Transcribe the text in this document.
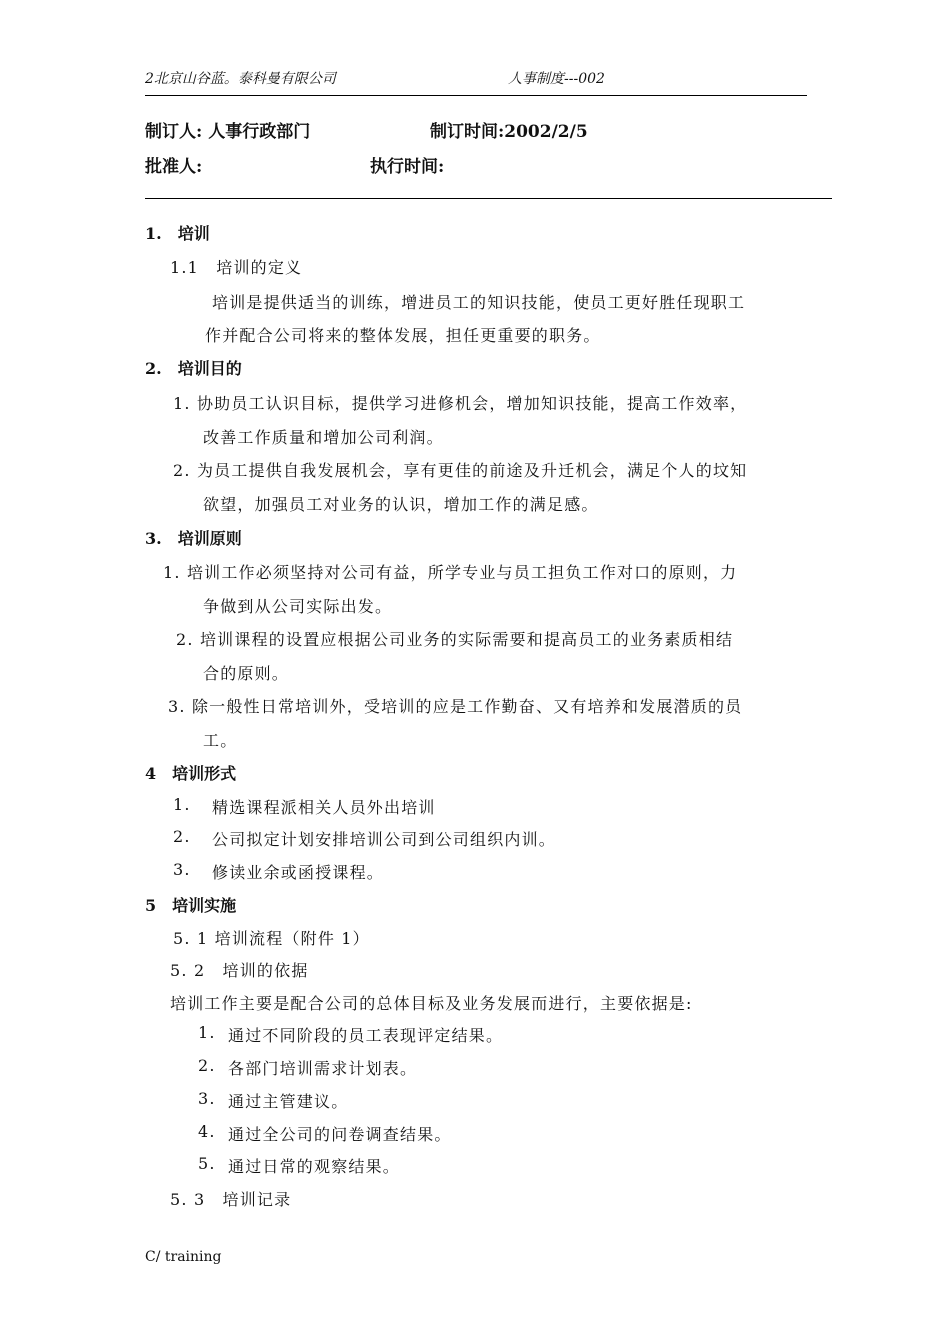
2北京山谷蓝。泰科曼有限公司	人事制度---002
制订人: 人事行政部门	制订时间:2002/2/5
批准人:	执行时间:
1.　培训
1.1　培训的定义
培训是提供适当的训练，增进员工的知识技能，使员工更好胜任现职工
作并配合公司将来的整体发展，担任更重要的职务。
2.　培训目的
1. 协助员工认识目标，提供学习进修机会，增加知识技能，提高工作效率，
改善工作质量和增加公司利润。
2. 为员工提供自我发展机会，享有更佳的前途及升迁机会，满足个人的坟知
欲望，加强员工对业务的认识，增加工作的满足感。
3.　培训原则
1. 培训工作必须坚持对公司有益，所学专业与员工担负工作对口的原则，力
争做到从公司实际出发。
2. 培训课程的设置应根据公司业务的实际需要和提高员工的业务素质相结
合的原则。
3. 除一般性日常培训外，受培训的应是工作勤奋、又有培养和发展潜质的员
工。
4　培训形式
1. 精选课程派相关人员外出培训
2. 公司拟定计划安排培训公司到公司组织内训。
3. 修读业余或函授课程。
5　培训实施
5. 1 培训流程（附件 1）
5. 2　培训的依据
培训工作主要是配合公司的总体目标及业务发展而进行，主要依据是:
1. 通过不同阶段的员工表现评定结果。
2. 各部门培训需求计划表。
3. 通过主管建议。
4. 通过全公司的问卷调查结果。
5. 通过日常的观察结果。
5. 3　培训记录
C/ training
